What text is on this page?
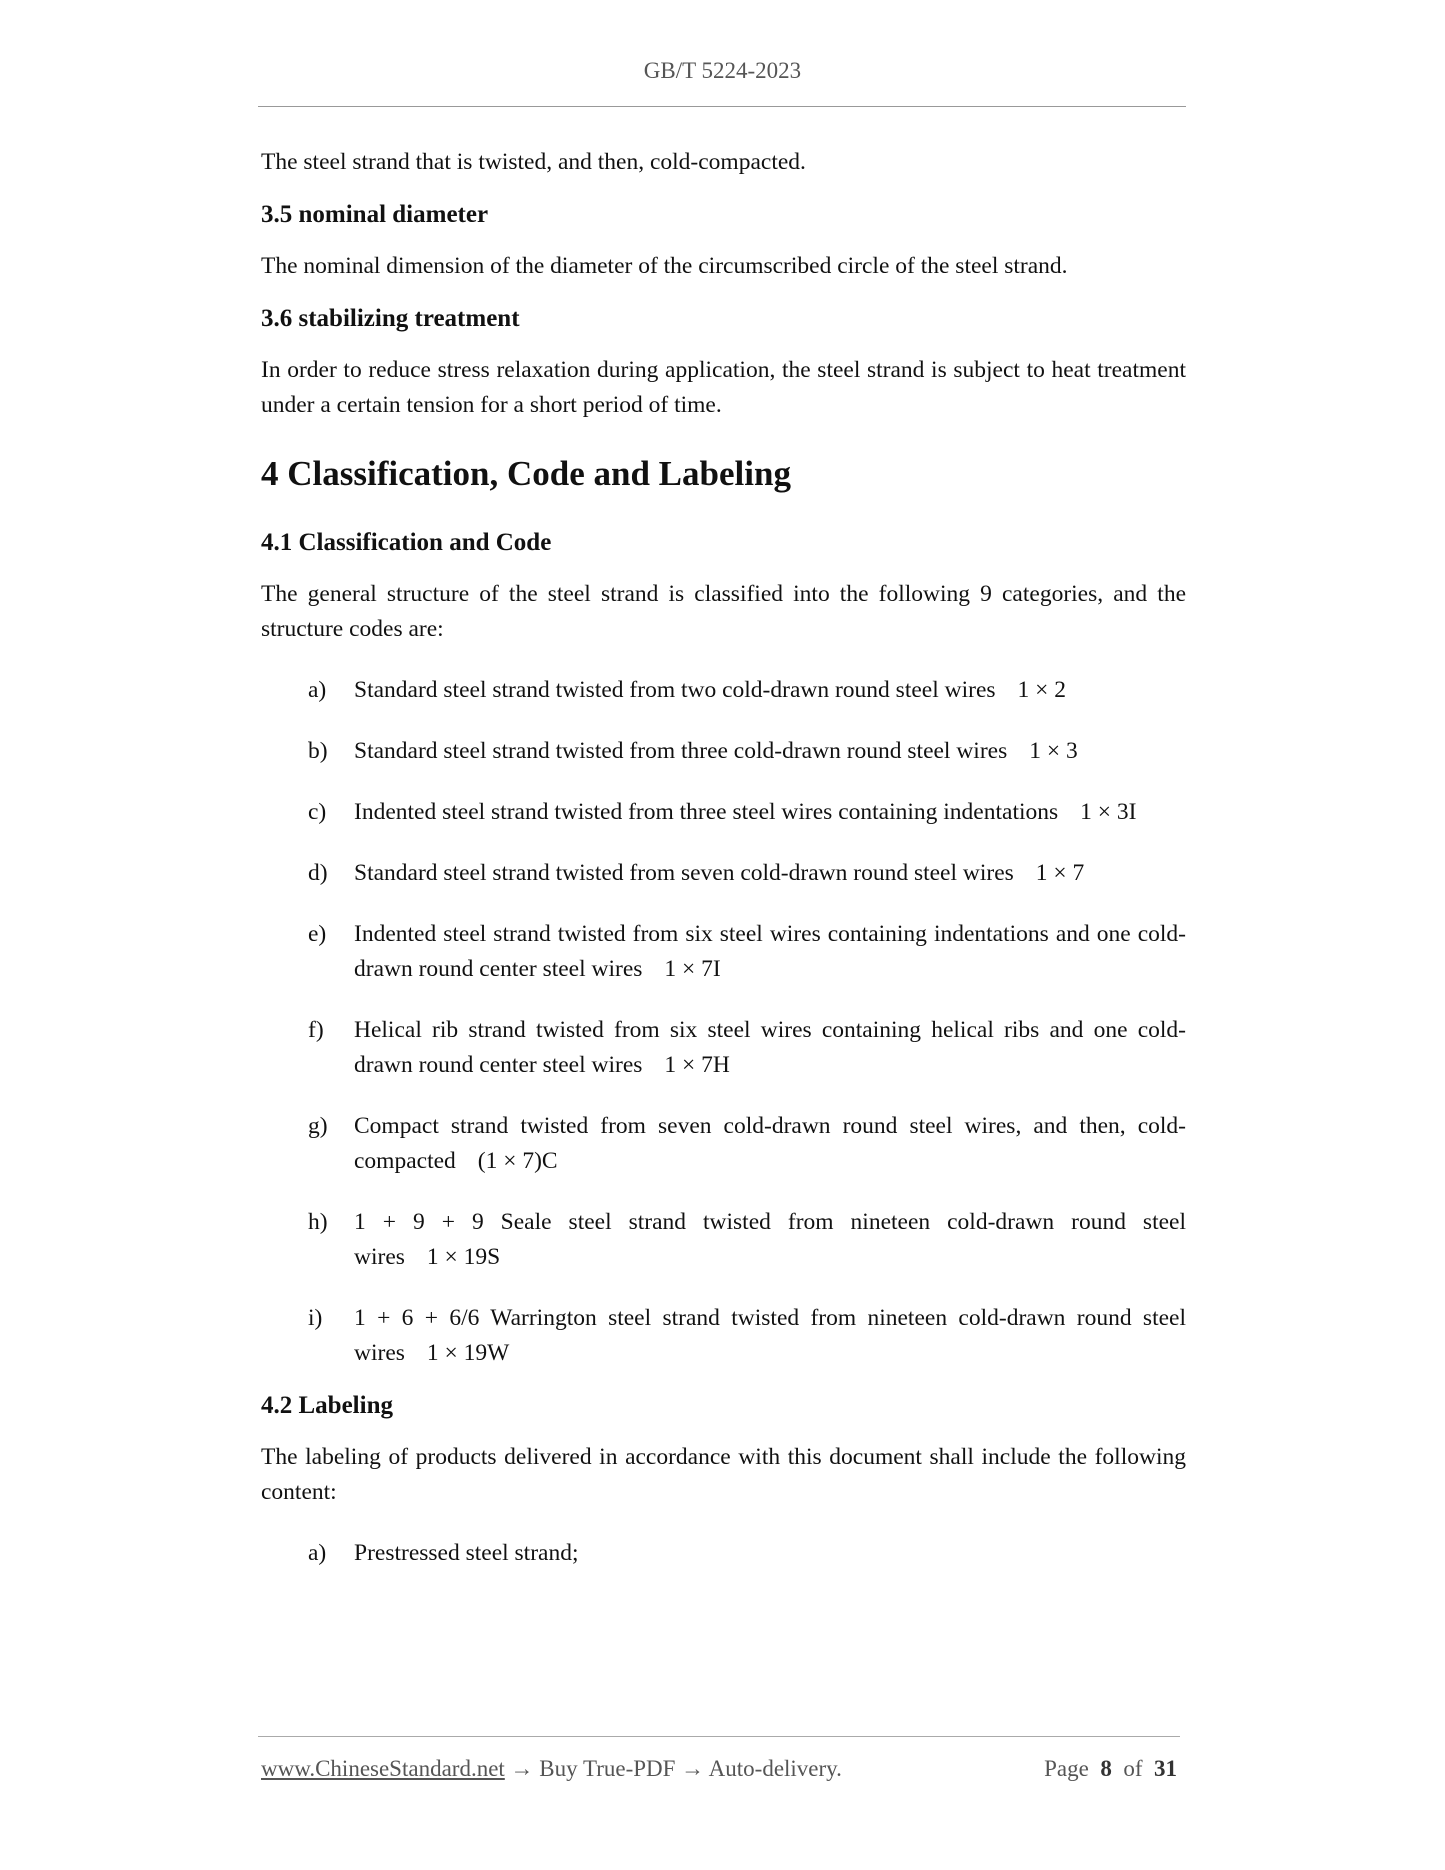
GB/T 5224-2023

The steel strand that is twisted, and then, cold-compacted.

3.5 nominal diameter

The nominal dimension of the diameter of the circumscribed circle of the steel strand.

3.6 stabilizing treatment

In order to reduce stress relaxation during application, the steel strand is subject to heat treatment under a certain tension for a short period of time.

4 Classification, Code and Labeling

4.1 Classification and Code

The general structure of the steel strand is classified into the following 9 categories, and the structure codes are:

a) Standard steel strand twisted from two cold-drawn round steel wires 1 × 2
b) Standard steel strand twisted from three cold-drawn round steel wires 1 × 3
c) Indented steel strand twisted from three steel wires containing indentations 1 × 3I
d) Standard steel strand twisted from seven cold-drawn round steel wires 1 × 7
e) Indented steel strand twisted from six steel wires containing indentations and one cold-drawn round center steel wires 1 × 7I
f) Helical rib strand twisted from six steel wires containing helical ribs and one cold-drawn round center steel wires 1 × 7H
g) Compact strand twisted from seven cold-drawn round steel wires, and then, cold-compacted (1 × 7)C
h) 1 + 9 + 9 Seale steel strand twisted from nineteen cold-drawn round steel wires 1 × 19S
i) 1 + 6 + 6/6 Warrington steel strand twisted from nineteen cold-drawn round steel wires 1 × 19W

4.2 Labeling

The labeling of products delivered in accordance with this document shall include the following content:

a) Prestressed steel strand;
www.ChineseStandard.net → Buy True-PDF → Auto-delivery.	Page 8 of 31
